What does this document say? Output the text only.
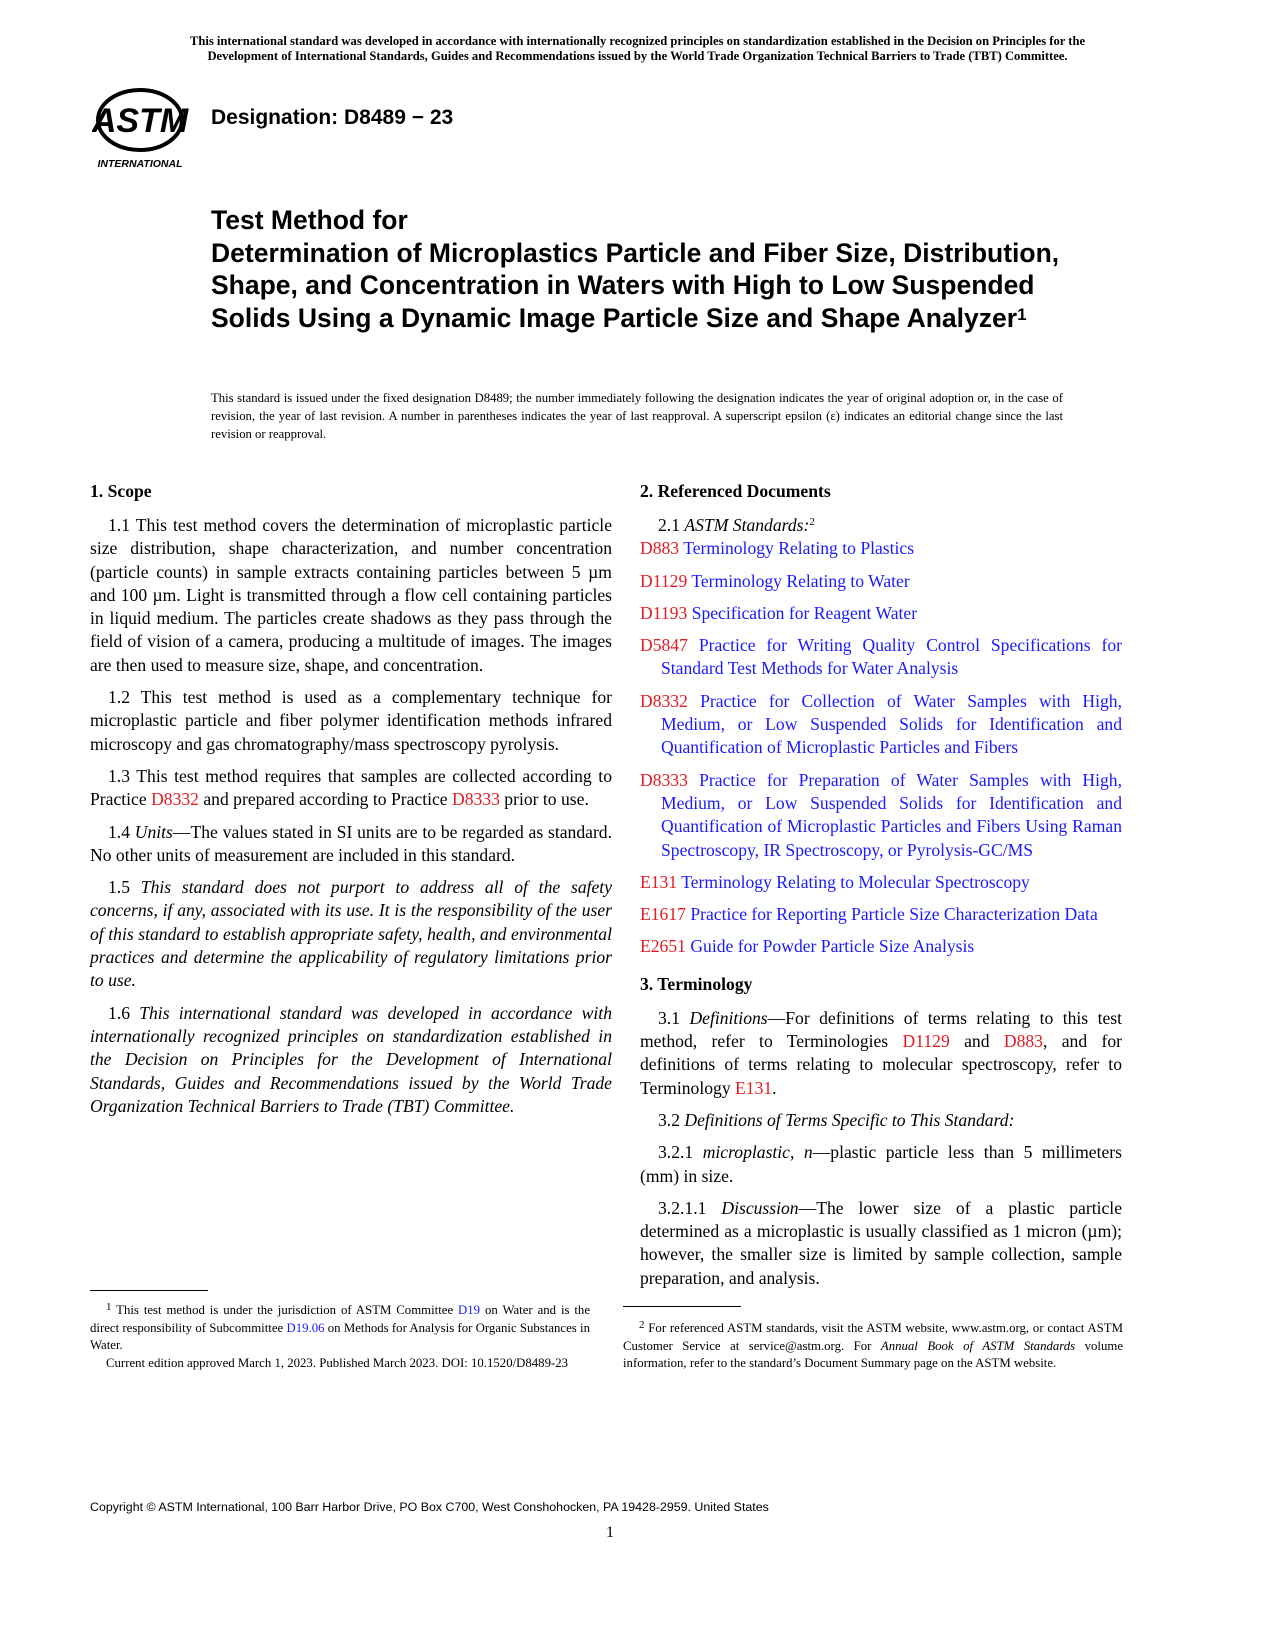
This international standard was developed in accordance with internationally recognized principles on standardization established in the Decision on Principles for the
Development of International Standards, Guides and Recommendations issued by the World Trade Organization Technical Barriers to Trade (TBT) Committee.
ASTM
INTERNATIONAL
Designation: D8489 − 23
Test Method for
Determination of Microplastics Particle and Fiber Size, Distribution, Shape, and Concentration in Waters with High to Low Suspended Solids Using a Dynamic Image Particle Size and Shape Analyzer$^1$
This standard is issued under the fixed designation D8489; the number immediately following the designation indicates the year of original adoption or, in the case of revision, the year of last revision. A number in parentheses indicates the year of last reapproval. A superscript epsilon (ε) indicates an editorial change since the last revision or reapproval.
1. Scope

1.1 This test method covers the determination of microplastic particle size distribution, shape characterization, and number concentration (particle counts) in sample extracts containing particles between 5 µm and 100 µm. Light is transmitted through a flow cell containing particles in liquid medium. The particles create shadows as they pass through the field of vision of a camera, producing a multitude of images. The images are then used to measure size, shape, and concentration.

1.2 This test method is used as a complementary technique for microplastic particle and fiber polymer identification methods infrared microscopy and gas chromatography/mass spectroscopy pyrolysis.

1.3 This test method requires that samples are collected according to Practice D8332 and prepared according to Practice D8333 prior to use.

1.4 Units—The values stated in SI units are to be regarded as standard. No other units of measurement are included in this standard.

1.5 This standard does not purport to address all of the safety concerns, if any, associated with its use. It is the responsibility of the user of this standard to establish appropriate safety, health, and environmental practices and determine the applicability of regulatory limitations prior to use.

1.6 This international standard was developed in accordance with internationally recognized principles on standardization established in the Decision on Principles for the Development of International Standards, Guides and Recommendations issued by the World Trade Organization Technical Barriers to Trade (TBT) Committee.

2. Referenced Documents

2.1 ASTM Standards:$^2$

D883 Terminology Relating to Plastics

D1129 Terminology Relating to Water

D1193 Specification for Reagent Water

D5847 Practice for Writing Quality Control Specifications for Standard Test Methods for Water Analysis

D8332 Practice for Collection of Water Samples with High, Medium, or Low Suspended Solids for Identification and Quantification of Microplastic Particles and Fibers

D8333 Practice for Preparation of Water Samples with High, Medium, or Low Suspended Solids for Identification and Quantification of Microplastic Particles and Fibers Using Raman Spectroscopy, IR Spectroscopy, or Pyrolysis-GC/MS

E131 Terminology Relating to Molecular Spectroscopy

E1617 Practice for Reporting Particle Size Characterization Data

E2651 Guide for Powder Particle Size Analysis

3. Terminology

3.1 Definitions—For definitions of terms relating to this test method, refer to Terminologies D1129 and D883, and for definitions of terms relating to molecular spectroscopy, refer to Terminology E131.

3.2 Definitions of Terms Specific to This Standard:

3.2.1 microplastic, n—plastic particle less than 5 millimeters (mm) in size.

3.2.1.1 Discussion—The lower size of a plastic particle determined as a microplastic is usually classified as 1 micron (µm); however, the smaller size is limited by sample collection, sample preparation, and analysis.

1 This test method is under the jurisdiction of ASTM Committee D19 on Water and is the direct responsibility of Subcommittee D19.06 on Methods for Analysis for Organic Substances in Water.

Current edition approved March 1, 2023. Published March 2023. DOI: 10.1520/D8489-23

2 For referenced ASTM standards, visit the ASTM website, www.astm.org, or contact ASTM Customer Service at service@astm.org. For Annual Book of ASTM Standards volume information, refer to the standard’s Document Summary page on the ASTM website.

Copyright © ASTM International, 100 Barr Harbor Drive, PO Box C700, West Conshohocken, PA 19428-2959. United States
1
